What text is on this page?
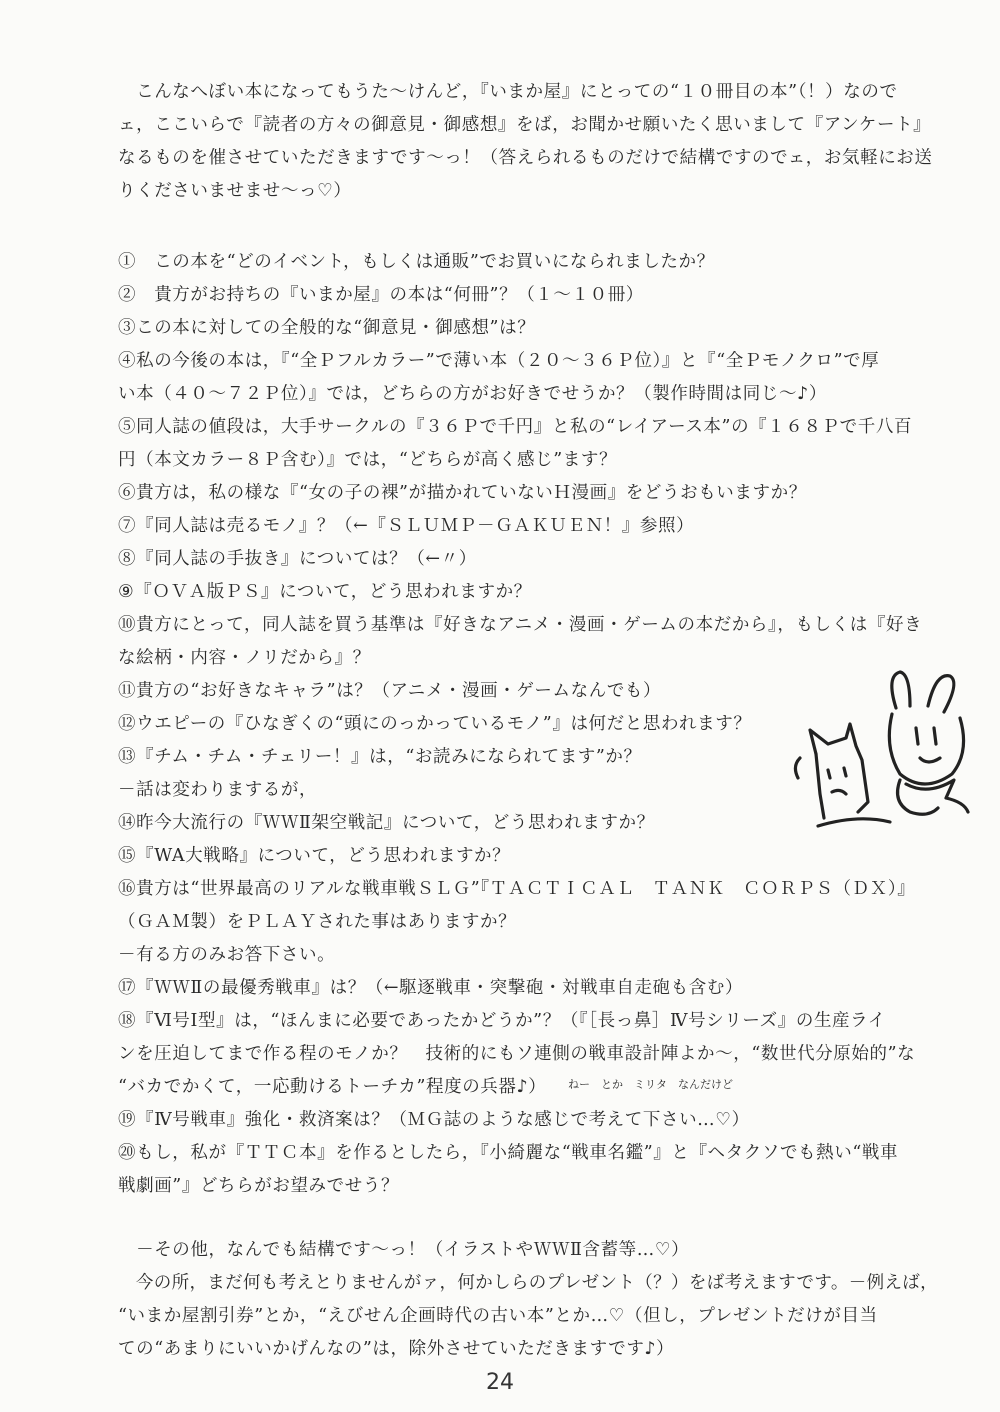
　こんなへぼい本になってもうた〜けんど，『いまか屋』にとっての“１０冊目の本”（！）なので
ェ，ここいらで『読者の方々の御意見・御感想』をば，お聞かせ願いたく思いまして『アンケート』
なるものを催させていただきますです〜っ！（答えられるものだけで結構ですのでェ，お気軽にお送
りくださいませませ〜っ♡）
①　この本を“どのイベント，もしくは通販”でお買いになられましたか？
②　貴方がお持ちの『いまか屋』の本は“何冊”？（１〜１０冊）
③この本に対しての全般的な“御意見・御感想”は？
④私の今後の本は，『“全Ｐフルカラー”で薄い本（２０〜３６Ｐ位）』と『“全Ｐモノクロ”で厚
い本（４０〜７２Ｐ位）』では，どちらの方がお好きでせうか？（製作時間は同じ〜♪）
⑤同人誌の値段は，大手サークルの『３６Ｐで千円』と私の“レイアース本”の『１６８Ｐで千八百
円（本文カラー８Ｐ含む）』では，“どちらが高く感じ”ます？
⑥貴方は，私の様な『“女の子の裸”が描かれていないＨ漫画』をどうおもいますか？
⑦『同人誌は売るモノ』？（←『ＳＬＵＭＰ－ＧＡＫＵＥＮ！』参照）
⑧『同人誌の手抜き』については？（←〃）
⑨『ＯＶＡ版ＰＳ』について，どう思われますか？
⑩貴方にとって，同人誌を買う基準は『好きなアニメ・漫画・ゲームの本だから』，もしくは『好き
な絵柄・内容・ノリだから』？
⑪貴方の“お好きなキャラ”は？（アニメ・漫画・ゲームなんでも）
⑫ウエピーの『ひなぎくの“頭にのっかっているモノ”』は何だと思われます？
⑬『チム・チム・チェリー！』は，“お読みになられてます”か？
－話は変わりまするが，
⑭昨今大流行の『ＷＷⅡ架空戦記』について，どう思われますか？
⑮『WA大戦略』について，どう思われますか？
⑯貴方は“世界最高のリアルな戦車戦ＳＬＧ”『ＴＡＣＴＩＣＡＬ　ＴＡＮＫ　ＣＯＲＰＳ（ＤＸ）』
（ＧＡＭ製）をＰＬＡＹされた事はありますか？
－有る方のみお答下さい。
⑰『ＷＷⅡの最優秀戦車』は？（←駆逐戦車・突撃砲・対戦車自走砲も含む）
⑱『Ⅵ号Ⅰ型』は，“ほんまに必要であったかどうか”？（『［長っ鼻］Ⅳ号シリーズ』の生産ライ
ンを圧迫してまで作る程のモノか？　技術的にもソ連側の戦車設計陣よか〜，“数世代分原始的”な
“バカでかくて，一応動けるトーチカ”程度の兵器♪） ねー　とか　ミリタ　なんだけど
⑲『Ⅳ号戦車』強化・救済案は？（ＭＧ誌のような感じで考えて下さい…♡）
⑳もし，私が『ＴＴＣ本』を作るとしたら，『小綺麗な“戦車名鑑”』と『ヘタクソでも熱い“戦車
戦劇画”』どちらがお望みでせう？
　－その他，なんでも結構です〜っ！（イラストやＷＷⅡ含蓄等…♡）
　今の所，まだ何も考えとりませんがァ，何かしらのプレゼント（？）をば考えますです。－例えば，
“いまか屋割引券”とか，“えびせん企画時代の古い本”とか…♡（但し，プレゼントだけが目当
ての“あまりにいいかげんなの”は，除外させていただきますです♪）
24
